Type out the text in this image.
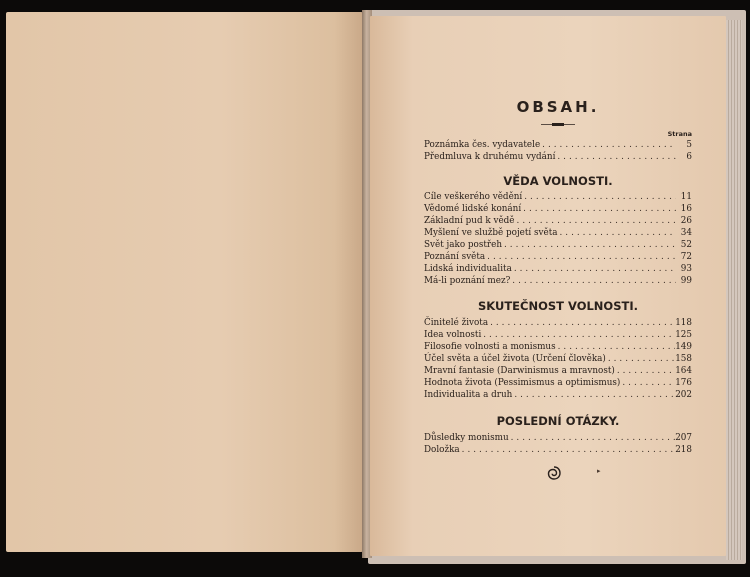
OBSAH.
Strana
Poznámka čes. vydavatele .....	5
Předmluva k druhému vydání .....	6
VĚDA VOLNOSTI.
Cíle veškerého vědění .....	11
Vědomé lidské konání .....	16
Základní pud k vědě .....	26
Myšlení ve službě pojetí světa .....	34
Svět jako postřeh .....	52
Poznání světa .....	72
Lidská individualita .....	93
Má-li poznání mez? .....	99
SKUTEČNOST VOLNOSTI.
Činitelé života .....	118
Idea volnosti .....	125
Filosofie volnosti a monismus .....	149
Účel světa a účel života (Určení člověka) .....	158
Mravní fantasie (Darwinismus a mravnost) .....	164
Hodnota života (Pessimismus a optimismus) .....	176
Individualita a druh .....	202
POSLEDNÍ OTÁZKY.
Důsledky monismu .....	207
Doložka .....	218
▸
